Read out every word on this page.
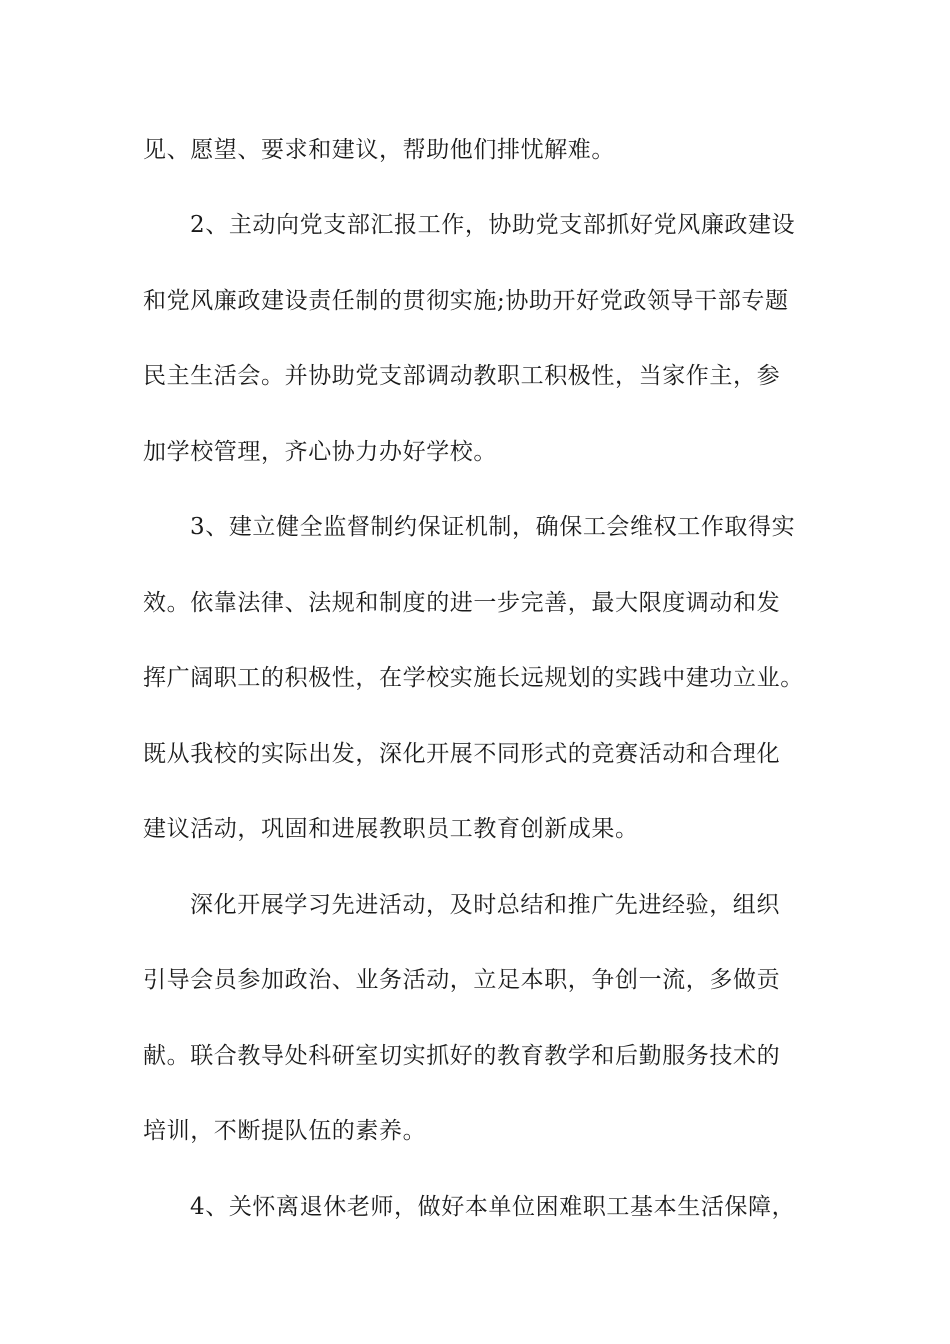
见、愿望、要求和建议，帮助他们排忧解难。
2、主动向党支部汇报工作，协助党支部抓好党风廉政建设
和党风廉政建设责任制的贯彻实施;协助开好党政领导干部专题
民主生活会。并协助党支部调动教职工积极性，当家作主，参
加学校管理，齐心协力办好学校。
3、建立健全监督制约保证机制，确保工会维权工作取得实
效。依靠法律、法规和制度的进一步完善，最大限度调动和发
挥广阔职工的积极性，在学校实施长远规划的实践中建功立业。
既从我校的实际出发，深化开展不同形式的竞赛活动和合理化
建议活动，巩固和进展教职员工教育创新成果。
深化开展学习先进活动，及时总结和推广先进经验，组织
引导会员参加政治、业务活动，立足本职，争创一流，多做贡
献。联合教导处科研室切实抓好的教育教学和后勤服务技术的
培训，不断提队伍的素养。
4、关怀离退休老师，做好本单位困难职工基本生活保障，
